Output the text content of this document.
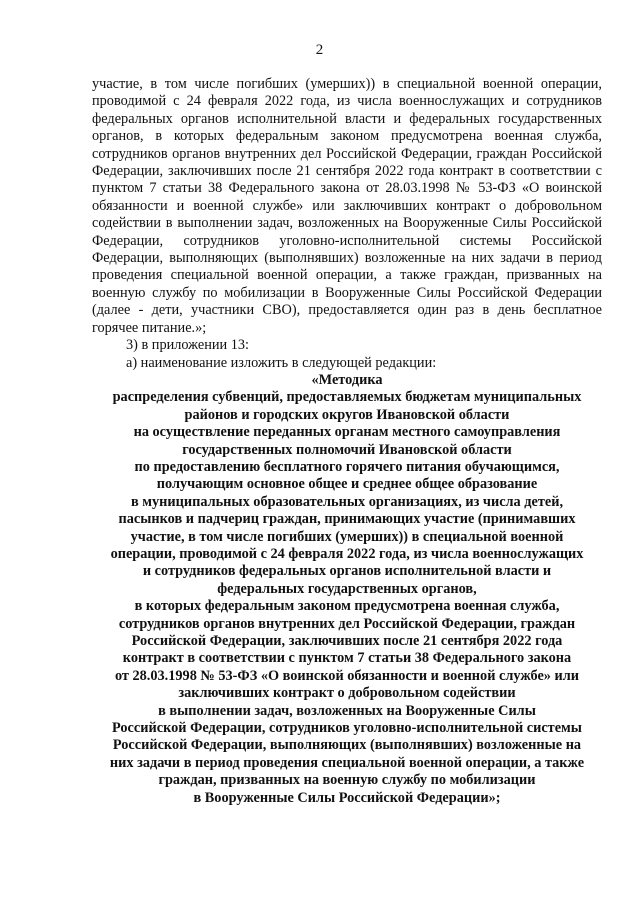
2

участие, в том числе погибших (умерших)) в специальной военной операции, проводимой с 24 февраля 2022 года, из числа военнослужащих и сотрудников федеральных органов исполнительной власти и федеральных государственных органов, в которых федеральным законом предусмотрена военная служба, сотрудников органов внутренних дел Российской Федерации, граждан Российской Федерации, заключивших после 21 сентября 2022 года контракт в соответствии с пунктом 7 статьи 38 Федерального закона от 28.03.1998 № 53-ФЗ «О воинской обязанности и военной службе» или заключивших контракт о добровольном содействии в выполнении задач, возложенных на Вооруженные Силы Российской Федерации, сотрудников уголовно-исполнительной системы Российской Федерации, выполняющих (выполнявших) возложенные на них задачи в период проведения специальной военной операции, а также граждан, призванных на военную службу по мобилизации в Вооруженные Силы Российской Федерации (далее - дети, участники СВО), предоставляется один раз в день бесплатное горячее питание.»;

3) в приложении 13:

а) наименование изложить в следующей редакции:

«Методика

распределения субвенций, предоставляемых бюджетам муниципальных

районов и городских округов Ивановской области

на осуществление переданных органам местного самоуправления

государственных полномочий Ивановской области

по предоставлению бесплатного горячего питания обучающимся,

получающим основное общее и среднее общее образование

в муниципальных образовательных организациях, из числа детей,

пасынков и падчериц граждан, принимающих участие (принимавших

участие, в том числе погибших (умерших)) в специальной военной

операции, проводимой с 24 февраля 2022 года, из числа военнослужащих

и сотрудников федеральных органов исполнительной власти и

федеральных государственных органов,

в которых федеральным законом предусмотрена военная служба,

сотрудников органов внутренних дел Российской Федерации, граждан

Российской Федерации, заключивших после 21 сентября 2022 года

контракт в соответствии с пунктом 7 статьи 38 Федерального закона

от 28.03.1998 № 53-ФЗ «О воинской обязанности и военной службе» или

заключивших контракт о добровольном содействии

в выполнении задач, возложенных на Вооруженные Силы

Российской Федерации, сотрудников уголовно-исполнительной системы

Российской Федерации, выполняющих (выполнявших) возложенные на

них задачи в период проведения специальной военной операции, а также

граждан, призванных на военную службу по мобилизации

в Вооруженные Силы Российской Федерации»;
